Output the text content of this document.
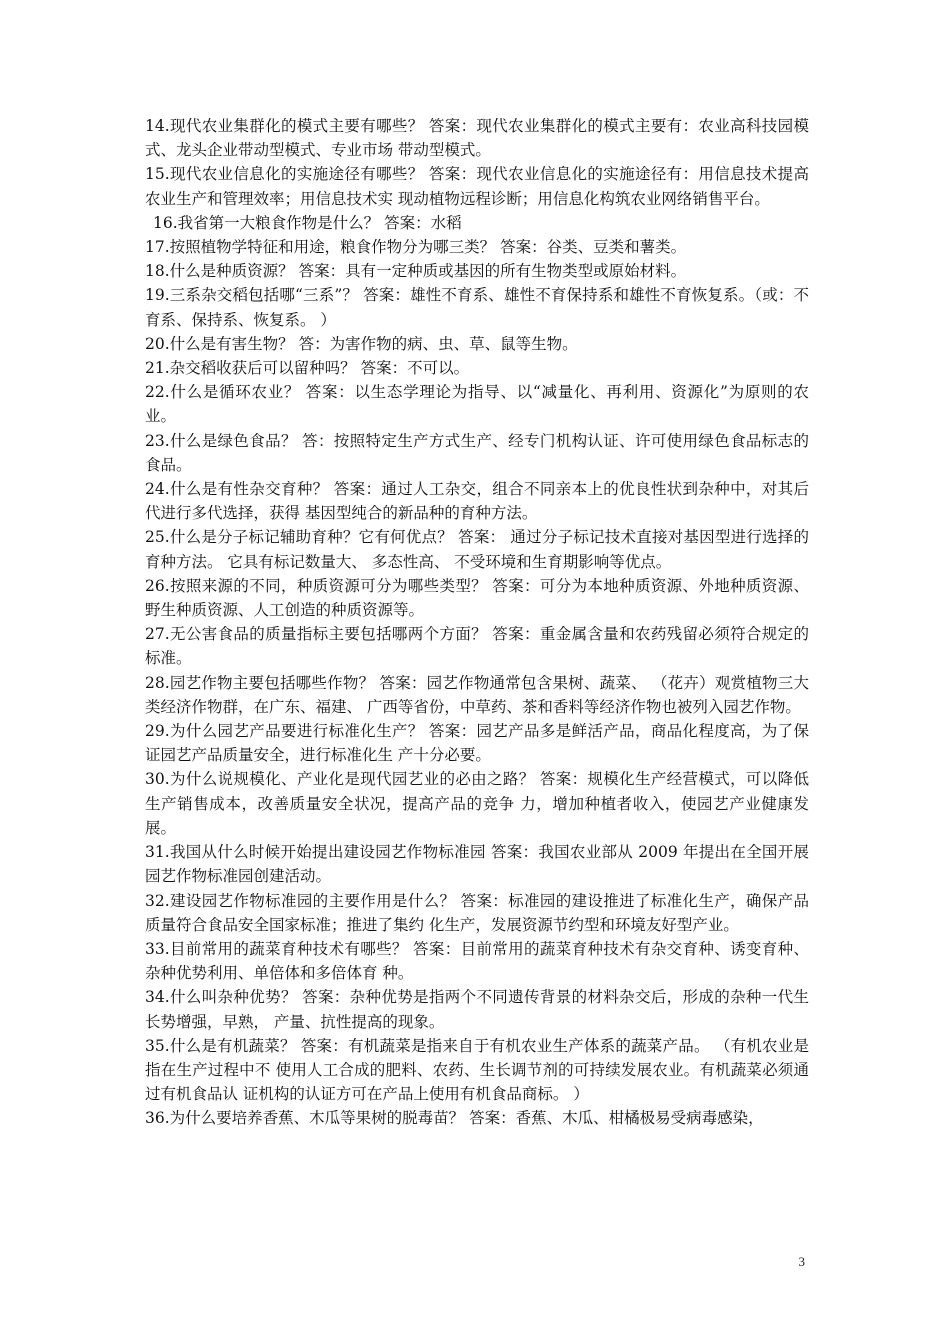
14.现代农业集群化的模式主要有哪些？ 答案：现代农业集群化的模式主要有：农业高科技园模式、龙头企业带动型模式、专业市场 带动型模式。

15.现代农业信息化的实施途径有哪些？ 答案：现代农业信息化的实施途径有：用信息技术提高农业生产和管理效率；用信息技术实 现动植物远程诊断；用信息化构筑农业网络销售平台。

16.我省第一大粮食作物是什么？ 答案：水稻

17.按照植物学特征和用途，粮食作物分为哪三类？ 答案：谷类、豆类和薯类。

18.什么是种质资源？ 答案：具有一定种质或基因的所有生物类型或原始材料。

19.三系杂交稻包括哪“三系”？ 答案：雄性不育系、雄性不育保持系和雄性不育恢复系。（或：不育系、保持系、恢复系。 ）

20.什么是有害生物？ 答：为害作物的病、虫、草、鼠等生物。

21.杂交稻收获后可以留种吗？ 答案：不可以。

22.什么是循环农业？ 答案：以生态学理论为指导、以“减量化、再利用、资源化”为原则的农业。

23.什么是绿色食品？ 答：按照特定生产方式生产、经专门机构认证、许可使用绿色食品标志的食品。

24.什么是有性杂交育种？ 答案：通过人工杂交，组合不同亲本上的优良性状到杂种中，对其后代进行多代选择，获得 基因型纯合的新品种的育种方法。

25.什么是分子标记辅助育种？它有何优点？ 答案： 通过分子标记技术直接对基因型进行选择的育种方法。 它具有标记数量大、 多态性高、 不受环境和生育期影响等优点。

26.按照来源的不同，种质资源可分为哪些类型？ 答案：可分为本地种质资源、外地种质资源、野生种质资源、人工创造的种质资源等。

27.无公害食品的质量指标主要包括哪两个方面？ 答案：重金属含量和农药残留必须符合规定的标准。

28.园艺作物主要包括哪些作物？ 答案：园艺作物通常包含果树、蔬菜、 （花卉）观赏植物三大类经济作物群，在广东、福建、 广西等省份，中草药、茶和香料等经济作物也被列入园艺作物。

29.为什么园艺产品要进行标准化生产？ 答案：园艺产品多是鲜活产品，商品化程度高，为了保证园艺产品质量安全，进行标准化生 产十分必要。

30.为什么说规模化、产业化是现代园艺业的必由之路？ 答案：规模化生产经营模式，可以降低生产销售成本，改善质量安全状况，提高产品的竞争 力，增加种植者收入，使园艺产业健康发展。

31.我国从什么时候开始提出建设园艺作物标准园 答案：我国农业部从 2009 年提出在全国开展园艺作物标准园创建活动。

32.建设园艺作物标准园的主要作用是什么？ 答案：标准园的建设推进了标准化生产，确保产品质量符合食品安全国家标准；推进了集约 化生产，发展资源节约型和环境友好型产业。

33.目前常用的蔬菜育种技术有哪些？ 答案：目前常用的蔬菜育种技术有杂交育种、诱变育种、杂种优势利用、单倍体和多倍体育 种。

34.什么叫杂种优势？ 答案：杂种优势是指两个不同遗传背景的材料杂交后，形成的杂种一代生长势增强，早熟， 产量、抗性提高的现象。

35.什么是有机蔬菜？ 答案：有机蔬菜是指来自于有机农业生产体系的蔬菜产品。 （有机农业是指在生产过程中不 使用人工合成的肥料、农药、生长调节剂的可持续发展农业。有机蔬菜必须通过有机食品认 证机构的认证方可在产品上使用有机食品商标。 ）

36.为什么要培养香蕉、木瓜等果树的脱毒苗？ 答案：香蕉、木瓜、柑橘极易受病毒感染，

3
